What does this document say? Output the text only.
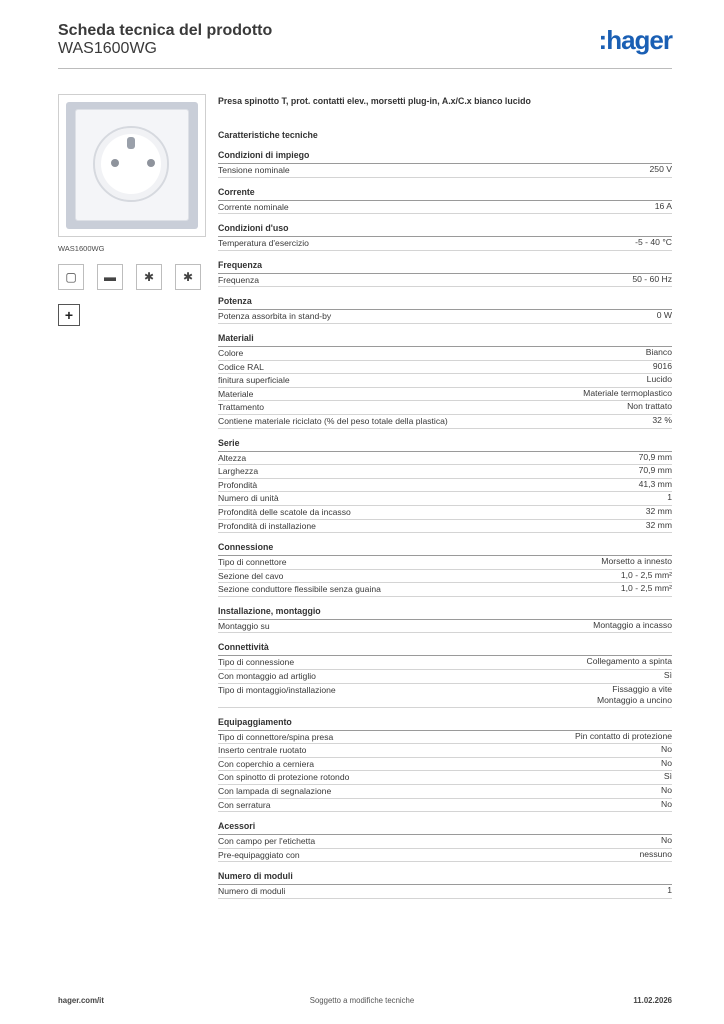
Scheda tecnica del prodotto
WAS1600WG	:hager
WAS1600WG
▢	▬	✱	✱
+
Presa spinotto T, prot. contatti elev., morsetti plug-in, A.x/C.x bianco lucido
Caratteristiche tecniche
Condizioni di impiego
Tensione nominale	250 V
Corrente
Corrente nominale	16 A
Condizioni d'uso
Temperatura d'esercizio	-5 - 40 °C
Frequenza
Frequenza	50 - 60 Hz
Potenza
Potenza assorbita in stand-by	0 W
Materiali
Colore	Bianco
Codice RAL	9016
finitura superficiale	Lucido
Materiale	Materiale termoplastico
Trattamento	Non trattato
Contiene materiale riciclato (% del peso totale della plastica)	32 %
Serie
Altezza	70,9 mm
Larghezza	70,9 mm
Profondità	41,3 mm
Numero di unità	1
Profondità delle scatole da incasso	32 mm
Profondità di installazione	32 mm
Connessione
Tipo di connettore	Morsetto a innesto
Sezione del cavo	1,0 - 2,5 mm²
Sezione conduttore flessibile senza guaina	1,0 - 2,5 mm²
Installazione, montaggio
Montaggio su	Montaggio a incasso
Connettività
Tipo di connessione	Collegamento a spinta
Con montaggio ad artiglio	Sì
Tipo di montaggio/installazione	Fissaggio a vite
Montaggio a uncino
Equipaggiamento
Tipo di connettore/spina presa	Pin contatto di protezione
Inserto centrale ruotato	No
Con coperchio a cerniera	No
Con spinotto di protezione rotondo	Sì
Con lampada di segnalazione	No
Con serratura	No
Acessori
Con campo per l'etichetta	No
Pre-equipaggiato con	nessuno
Numero di moduli
Numero di moduli	1
hager.com/it	Soggetto a modifiche tecniche	11.02.2026
